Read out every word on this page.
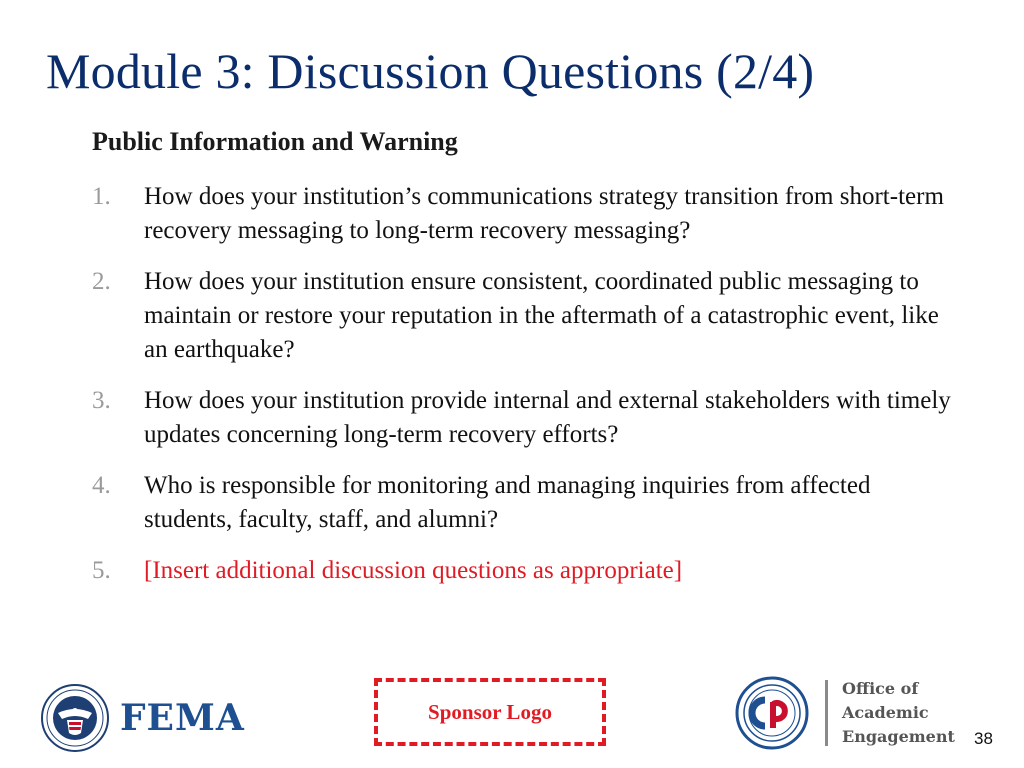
Module 3: Discussion Questions (2/4)
Public Information and Warning
1.	How does your institution’s communications strategy transition from short-term recovery messaging to long-term recovery messaging?
2.	How does your institution ensure consistent, coordinated public messaging to maintain or restore your reputation in the aftermath of a catastrophic event, like an earthquake?
3.	How does your institution provide internal and external stakeholders with timely updates concerning long-term recovery efforts?
4.	Who is responsible for monitoring and managing inquiries from affected students, faculty, staff, and alumni?
5.	[Insert additional discussion questions as appropriate]
FEMA	Sponsor Logo
Office of
Academic
Engagement 38
